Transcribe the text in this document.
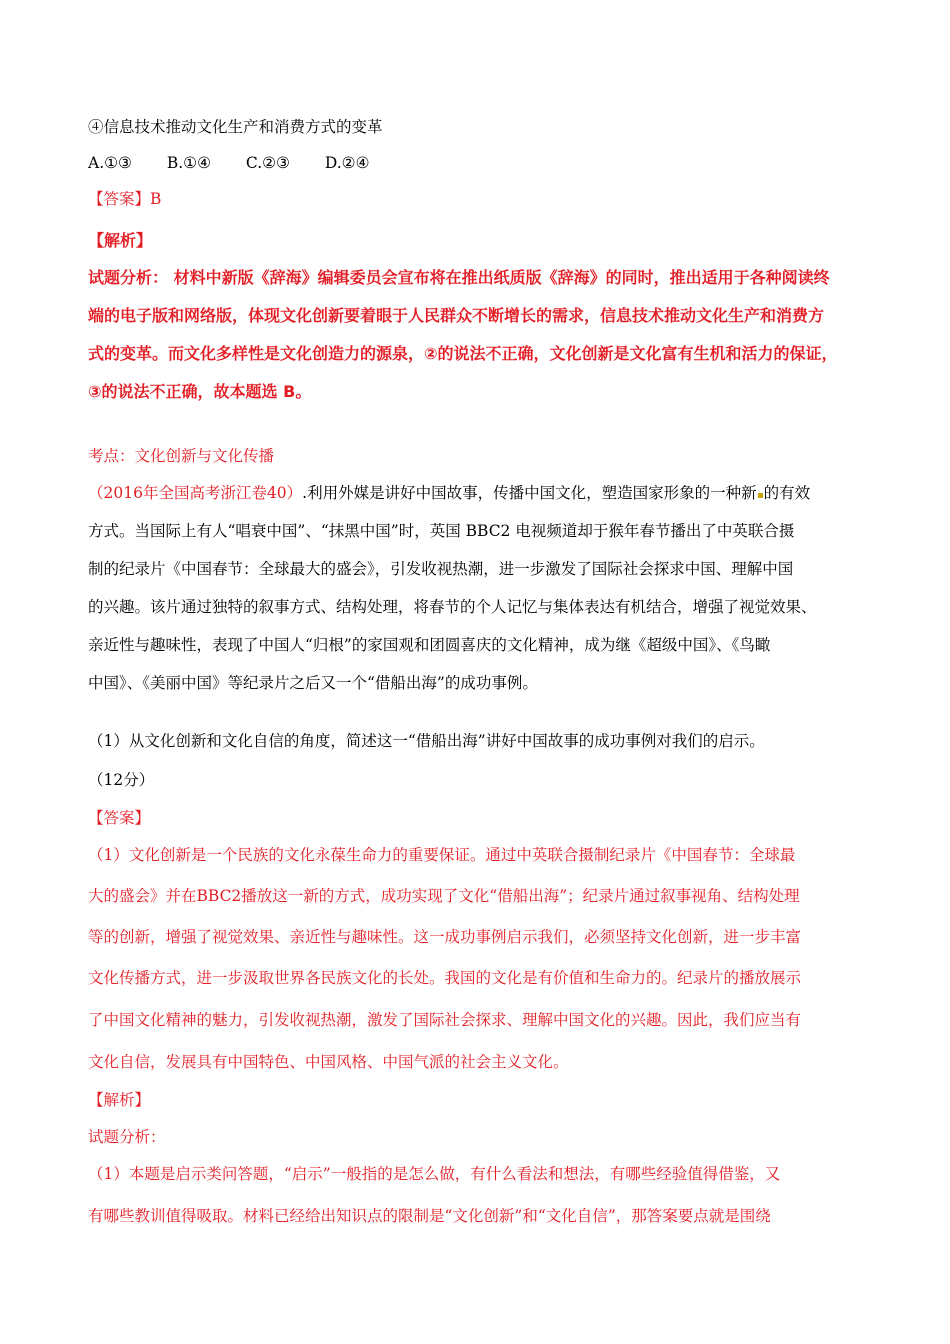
④信息技术推动文化生产和消费方式的变革
A.①③ B.①④ C.②③ D.②④
【答案】B
【解析】
试题分析： 材料中新版《辞海》编辑委员会宣布将在推出纸质版《辞海》的同时，推出适用于各种阅读终
端的电子版和网络版，体现文化创新要着眼于人民群众不断增长的需求，信息技术推动文化生产和消费方
式的变革。而文化多样性是文化创造力的源泉，②的说法不正确，文化创新是文化富有生机和活力的保证，
③的说法不正确，故本题选 B。
考点：文化创新与文化传播
（2016年全国高考浙江卷40）.利用外媒是讲好中国故事，传播中国文化，塑造国家形象的一种新 的有效
方式。当国际上有人“唱衰中国”、“抹黑中国”时，英国 BBC2 电视频道却于猴年春节播出了中英联合摄
制的纪录片《中国春节：全球最大的盛会》，引发收视热潮，进一步激发了国际社会探求中国、理解中国
的兴趣。该片通过独特的叙事方式、结构处理，将春节的个人记忆与集体表达有机结合，增强了视觉效果、
亲近性与趣味性，表现了中国人“归根”的家国观和团圆喜庆的文化精神，成为继《超级中国》、《鸟瞰
中国》、《美丽中国》等纪录片之后又一个“借船出海”的成功事例。
（1）从文化创新和文化自信的角度，简述这一“借船出海”讲好中国故事的成功事例对我们的启示。
（12分）
【答案】
（1）文化创新是一个民族的文化永葆生命力的重要保证。通过中英联合摄制纪录片《中国春节：全球最
大的盛会》并在BBC2播放这一新的方式，成功实现了文化“借船出海”；纪录片通过叙事视角、结构处理
等的创新，增强了视觉效果、亲近性与趣味性。这一成功事例启示我们，必须坚持文化创新，进一步丰富
文化传播方式，进一步汲取世界各民族文化的长处。我国的文化是有价值和生命力的。纪录片的播放展示
了中国文化精神的魅力，引发收视热潮，激发了国际社会探求、理解中国文化的兴趣。因此，我们应当有
文化自信，发展具有中国特色、中国风格、中国气派的社会主义文化。
【解析】
试题分析：
（1）本题是启示类问答题，“启示”一般指的是怎么做，有什么看法和想法，有哪些经验值得借鉴，又
有哪些教训值得吸取。材料已经给出知识点的限制是“文化创新”和“文化自信”，那答案要点就是围绕
